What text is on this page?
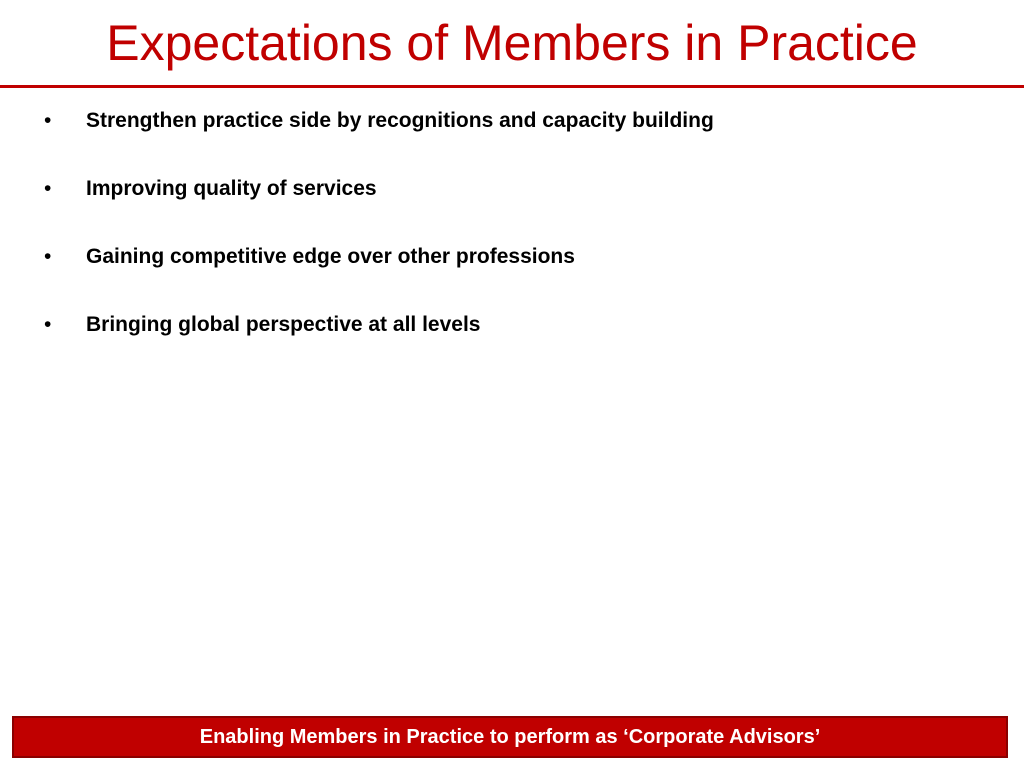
Expectations of Members in Practice
•	Strengthen practice side by recognitions and capacity building
•	Improving quality of services
•	Gaining competitive edge over other professions
•	Bringing global perspective at all levels
Enabling Members in Practice to perform as ‘Corporate Advisors’
